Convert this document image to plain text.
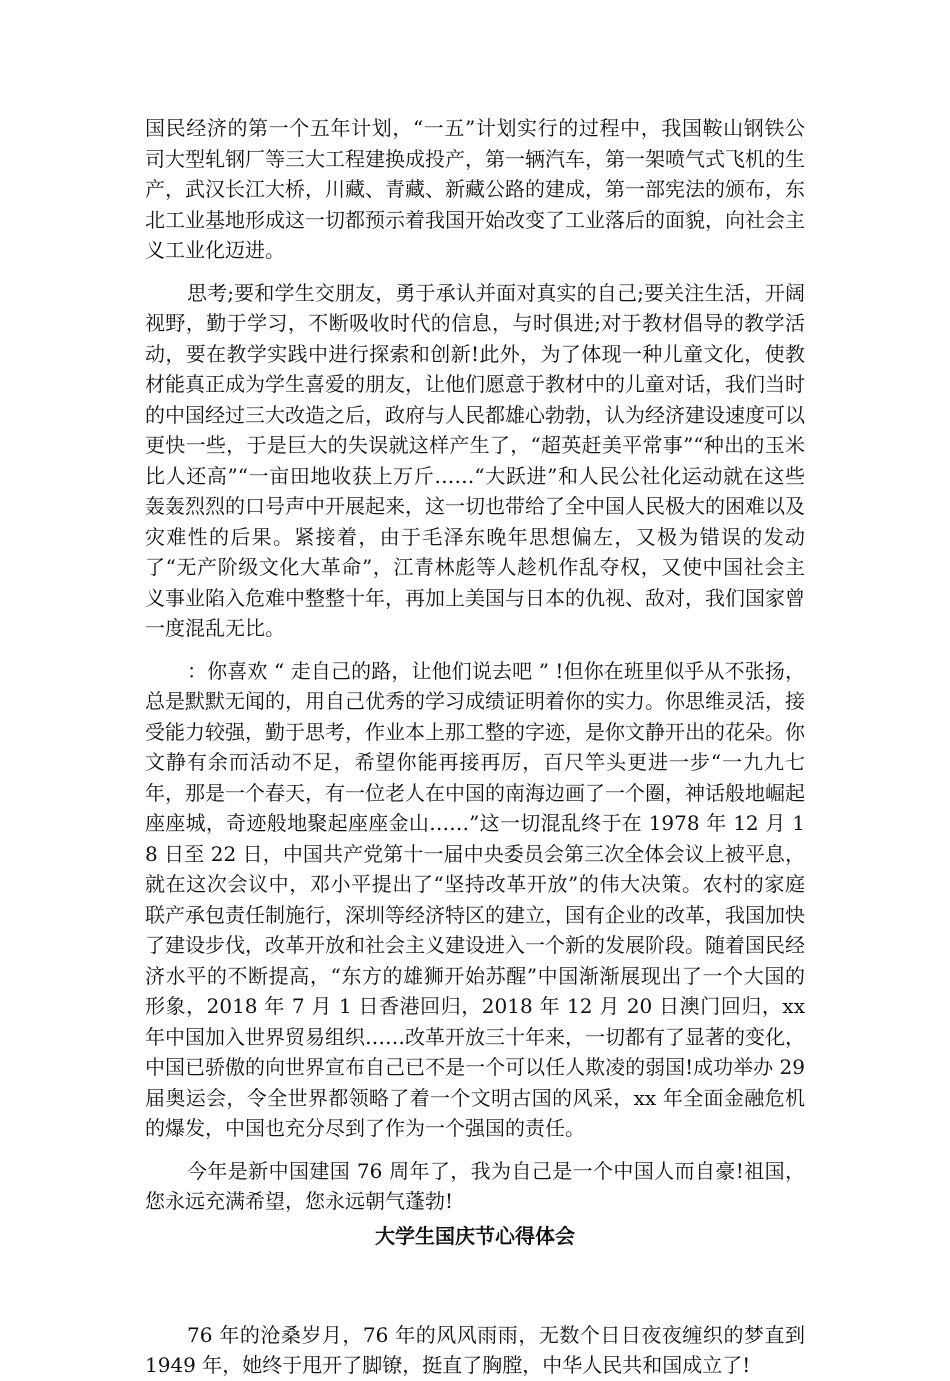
国民经济的第一个五年计划，“一五”计划实行的过程中，我国鞍山钢铁公司大型轧钢厂等三大工程建换成投产，第一辆汽车，第一架喷气式飞机的生产，武汉长江大桥，川藏、青藏、新藏公路的建成，第一部宪法的颁布，东北工业基地形成这一切都预示着我国开始改变了工业落后的面貌，向社会主义工业化迈进。

思考;要和学生交朋友，勇于承认并面对真实的自己;要关注生活，开阔视野，勤于学习，不断吸收时代的信息，与时俱进;对于教材倡导的教学活动，要在教学实践中进行探索和创新!此外，为了体现一种儿童文化，使教材能真正成为学生喜爱的朋友，让他们愿意于教材中的儿童对话，我们当时的中国经过三大改造之后，政府与人民都雄心勃勃，认为经济建设速度可以更快一些，于是巨大的失误就这样产生了，“超英赶美平常事”“种出的玉米比人还高”“一亩田地收获上万斤……“大跃进”和人民公社化运动就在这些轰轰烈烈的口号声中开展起来，这一切也带给了全中国人民极大的困难以及灾难性的后果。紧接着，由于毛泽东晚年思想偏左，又极为错误的发动了“无产阶级文化大革命”，江青林彪等人趁机作乱夺权，又使中国社会主义事业陷入危难中整整十年，再加上美国与日本的仇视、敌对，我们国家曾一度混乱无比。

：你喜欢 “ 走自己的路，让他们说去吧 ” !但你在班里似乎从不张扬，总是默默无闻的，用自己优秀的学习成绩证明着你的实力。你思维灵活，接受能力较强，勤于思考，作业本上那工整的字迹，是你文静开出的花朵。你文静有余而活动不足，希望你能再接再厉，百尺竿头更进一步“一九九七年，那是一个春天，有一位老人在中国的南海边画了一个圈，神话般地崛起座座城，奇迹般地聚起座座金山……”这一切混乱终于在 1978 年 12 月 18 日至 22 日，中国共产党第十一届中央委员会第三次全体会议上被平息，就在这次会议中，邓小平提出了“坚持改革开放”的伟大决策。农村的家庭联产承包责任制施行，深圳等经济特区的建立，国有企业的改革，我国加快了建设步伐，改革开放和社会主义建设进入一个新的发展阶段。随着国民经济水平的不断提高，“东方的雄狮开始苏醒”中国渐渐展现出了一个大国的形象，2018 年 7 月 1 日香港回归，2018 年 12 月 20 日澳门回归，xx 年中国加入世界贸易组织……改革开放三十年来，一切都有了显著的变化，中国已骄傲的向世界宣布自己已不是一个可以任人欺凌的弱国!成功举办 29 届奥运会，令全世界都领略了着一个文明古国的风采，xx 年全面金融危机的爆发，中国也充分尽到了作为一个强国的责任。

今年是新中国建国 76 周年了，我为自己是一个中国人而自豪!祖国，您永远充满希望，您永远朝气蓬勃!

大学生国庆节心得体会

76 年的沧桑岁月，76 年的风风雨雨，无数个日日夜夜缠织的梦直到 1949 年，她终于甩开了脚镣，挺直了胸膛，中华人民共和国成立了!
